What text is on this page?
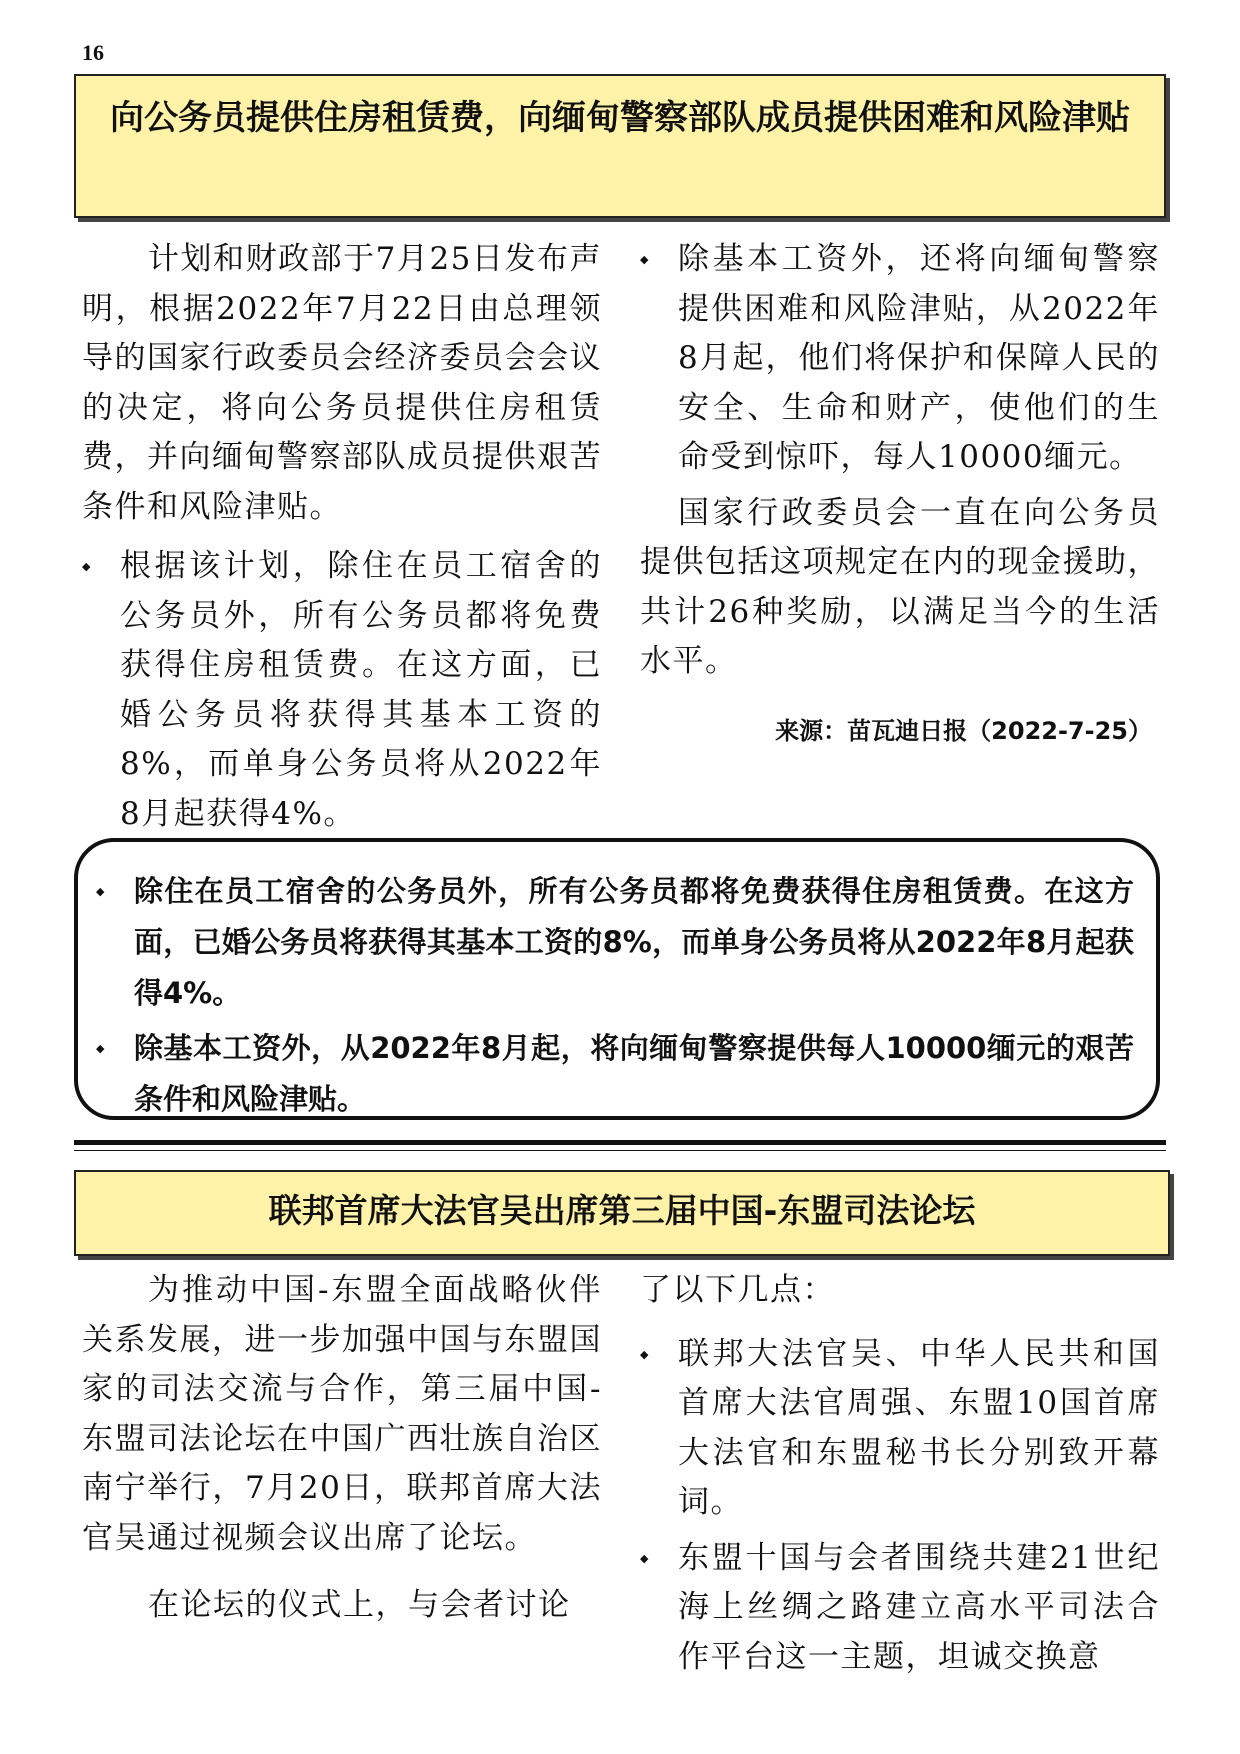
16
向公务员提供住房租赁费，向缅甸警察部队成员提供困难和风险津贴

计划和财政部于7月25日发布声明，根据2022年7月22日由总理领导的国家行政委员会经济委员会会议的决定，将向公务员提供住房租赁费，并向缅甸警察部队成员提供艰苦条件和风险津贴。

◆ 根据该计划，除住在员工宿舍的公务员外，所有公务员都将免费获得住房租赁费。在这方面，已婚公务员将获得其基本工资的8%，而单身公务员将从2022年8月起获得4%。

◆ 除基本工资外，还将向缅甸警察提供困难和风险津贴，从2022年8月起，他们将保护和保障人民的安全、生命和财产，使他们的生命受到惊吓，每人10000缅元。

国家行政委员会一直在向公务员提供包括这项规定在内的现金援助，共计26种奖励，以满足当今的生活水平。

来源：苗瓦迪日报（2022-7-25）

◆ 除住在员工宿舍的公务员外，所有公务员都将免费获得住房租赁费。在这方面，已婚公务员将获得其基本工资的8%，而单身公务员将从2022年8月起获得4%。

◆ 除基本工资外，从2022年8月起，将向缅甸警察提供每人10000缅元的艰苦条件和风险津贴。

联邦首席大法官吴出席第三届中国-东盟司法论坛

为推动中国-东盟全面战略伙伴关系发展，进一步加强中国与东盟国家的司法交流与合作，第三届中国-东盟司法论坛在中国广西壮族自治区南宁举行，7月20日，联邦首席大法官吴通过视频会议出席了论坛。

在论坛的仪式上，与会者讨论

了以下几点：

◆ 联邦大法官吴、中华人民共和国首席大法官周强、东盟10国首席大法官和东盟秘书长分别致开幕词。

◆ 东盟十国与会者围绕共建21世纪海上丝绸之路建立高水平司法合作平台这一主题，坦诚交换意
